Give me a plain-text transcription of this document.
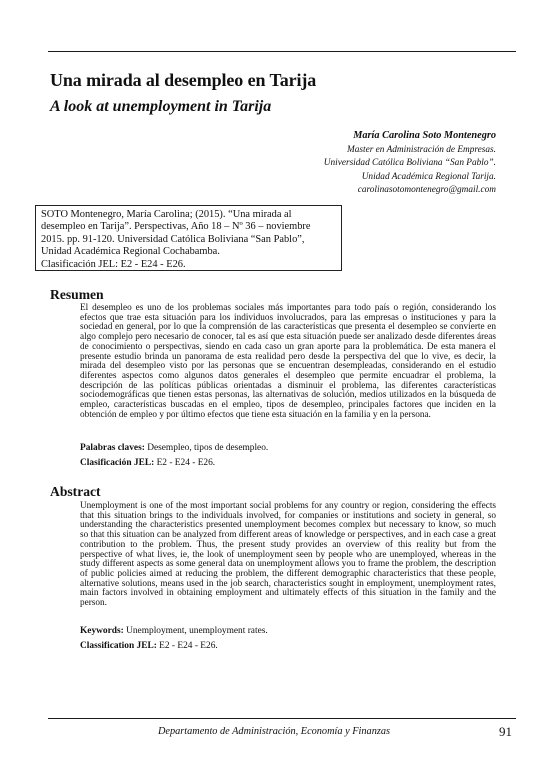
Una mirada al desempleo en Tarija
A look at unemployment in Tarija
María Carolina Soto Montenegro
Master en Administración de Empresas.
Universidad Católica Boliviana “San Pablo”.
Unidad Académica Regional Tarija.
carolinasotomontenegro@gmail.com
SOTO Montenegro, María Carolina; (2015). “Una mirada al
desempleo en Tarija”. Perspectivas, Año 18 – Nº 36 – noviembre
2015. pp. 91-120. Universidad Católica Boliviana “San Pablo”,
Unidad Académica Regional Cochabamba.
Clasificación JEL: E2 - E24 - E26.
Resumen
El desempleo es uno de los problemas sociales más importantes para todo país o región, considerando los efectos que trae esta situación para los individuos involucrados, para las empresas o instituciones y para la sociedad en general, por lo que la comprensión de las características que presenta el desempleo se convierte en algo complejo pero necesario de conocer, tal es así que esta situación puede ser analizado desde diferentes áreas de conocimiento o perspectivas, siendo en cada caso un gran aporte para la problemática. De esta manera el presente estudio brinda un panorama de esta realidad pero desde la perspectiva del que lo vive, es decir, la mirada del desempleo visto por las personas que se encuentran desempleadas, considerando en el estudio diferentes aspectos como algunos datos generales el desempleo que permite encuadrar el problema, la descripción de las políticas públicas orientadas a disminuir el problema, las diferentes características sociodemográficas que tienen estas personas, las alternativas de solución, medios utilizados en la búsqueda de empleo, características buscadas en el empleo, tipos de desempleo, principales factores que inciden en la obtención de empleo y por último efectos que tiene esta situación en la familia y en la persona.
Palabras claves: Desempleo, tipos de desempleo.
Clasificación JEL: E2 - E24 - E26.
Abstract
Unemployment is one of the most important social problems for any country or region, considering the effects that this situation brings to the individuals involved, for companies or institutions and society in general, so understanding the characteristics presented unemployment becomes complex but necessary to know, so much so that this situation can be analyzed from different areas of knowledge or perspectives, and in each case a great contribution to the problem. Thus, the present study provides an overview of this reality but from the perspective of what lives, ie, the look of unemployment seen by people who are unemployed, whereas in the study different aspects as some general data on unemployment allows you to frame the problem, the description of public policies aimed at reducing the problem, the different demographic characteristics that these people, alternative solutions, means used in the job search, characteristics sought in employment, unemployment rates, main factors involved in obtaining employment and ultimately effects of this situation in the family and the person.
Keywords: Unemployment, unemployment rates.
Classification JEL: E2 - E24 - E26.
Departamento de Administración, Economía y Finanzas	91
